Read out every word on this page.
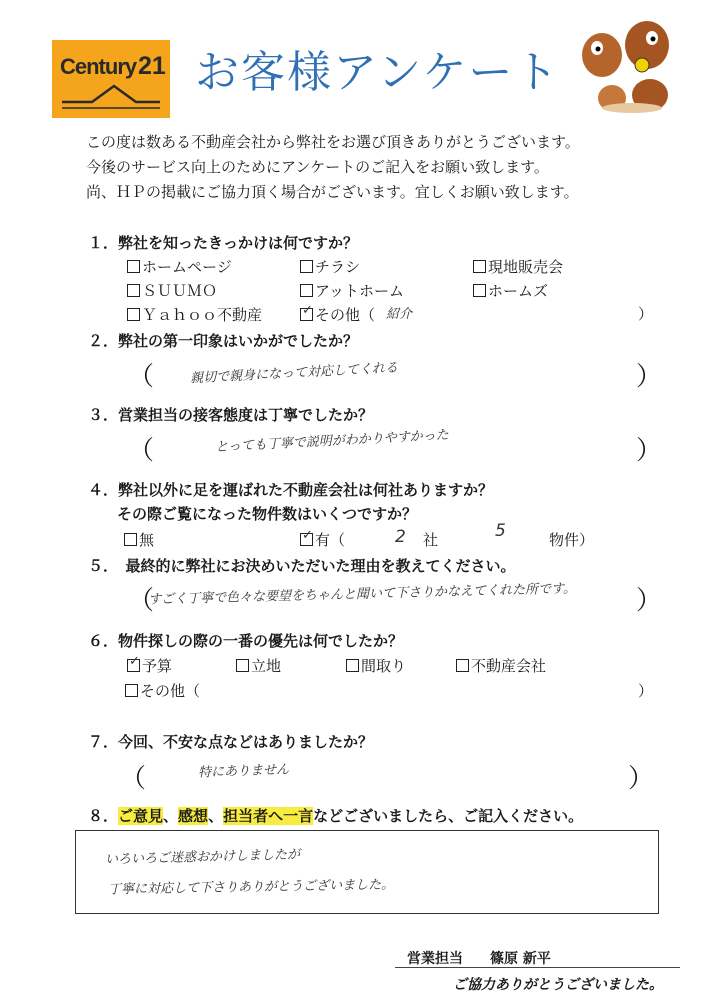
Century 21 お客様アンケート
この度は数ある不動産会社から弊社をお選び頂きありがとうございます。
今後のサービス向上のためにアンケートのご記入をお願い致します。
尚、ＨＰの掲載にご協力頂く場合がございます。宜しくお願い致します。
１．弊社を知ったきっかけは何ですか？
ホームページ	チラシ	現地販売会
ＳＵＵＭＯ	アットホーム	ホームズ
Ｙａｈｏｏ不動産	✓ その他（ 紹介	）
２．弊社の第一印象はいかがでしたか？
（	親切で親身になって対応してくれる	）
３．営業担当の接客態度は丁寧でしたか？
（	とっても丁寧で説明がわかりやすかった	）
４．弊社以外に足を運ばれた不動産会社は何社ありますか？
その際ご覧になった物件数はいくつですか？
無	✓ 有（	2 社	5	物件）
５．　最終的に弊社にお決めいただいた理由を教えてください。
（
すごく丁寧で色々な要望をちゃんと聞いて下さりかなえてくれた所です。 ）
６．物件探しの際の一番の優先は何でしたか？
✓ 予算	立地	間取り	不動産会社
その他（	）
７．今回、不安な点などはありましたか？
（	特にありません	）
８．ご意見、感想、担当者へ一言などございましたら、ご記入ください。
いろいろご迷惑おかけしましたが
丁寧に対応して下さりありがとうございました。
営業担当 篠原 新平
ご協力ありがとうございました。
